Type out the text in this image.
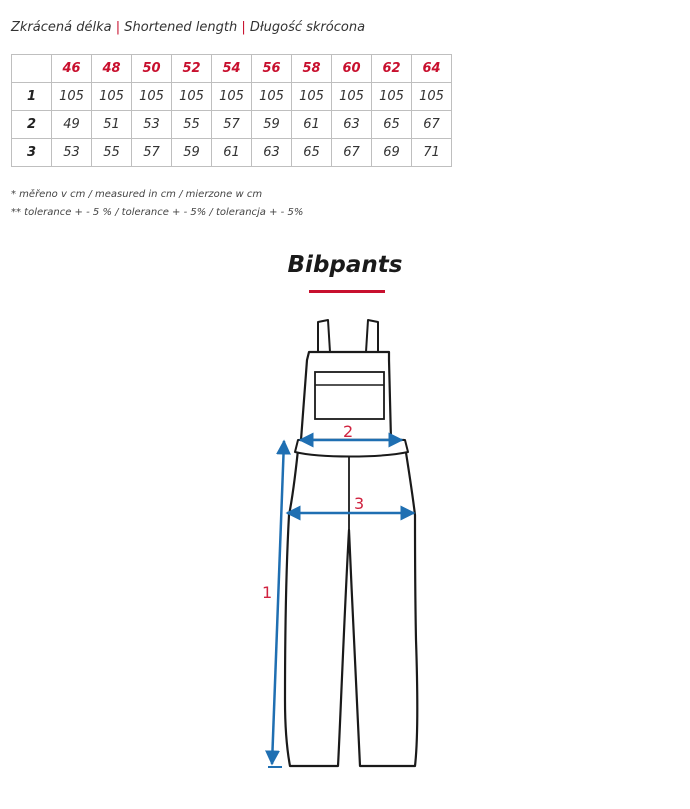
Zkrácená délka | Shortened length | Długość skrócona
	46	48	50	52	54	56	58	60	62	64
1	105	105	105	105	105	105	105	105	105	105
2	49	51	53	55	57	59	61	63	65	67
3	53	55	57	59	61	63	65	67	69	71
* měřeno v cm / measured in cm / mierzone w cm
** tolerance + - 5 % / tolerance + - 5% / tolerancja + - 5%
Bibpants
2
3
1
